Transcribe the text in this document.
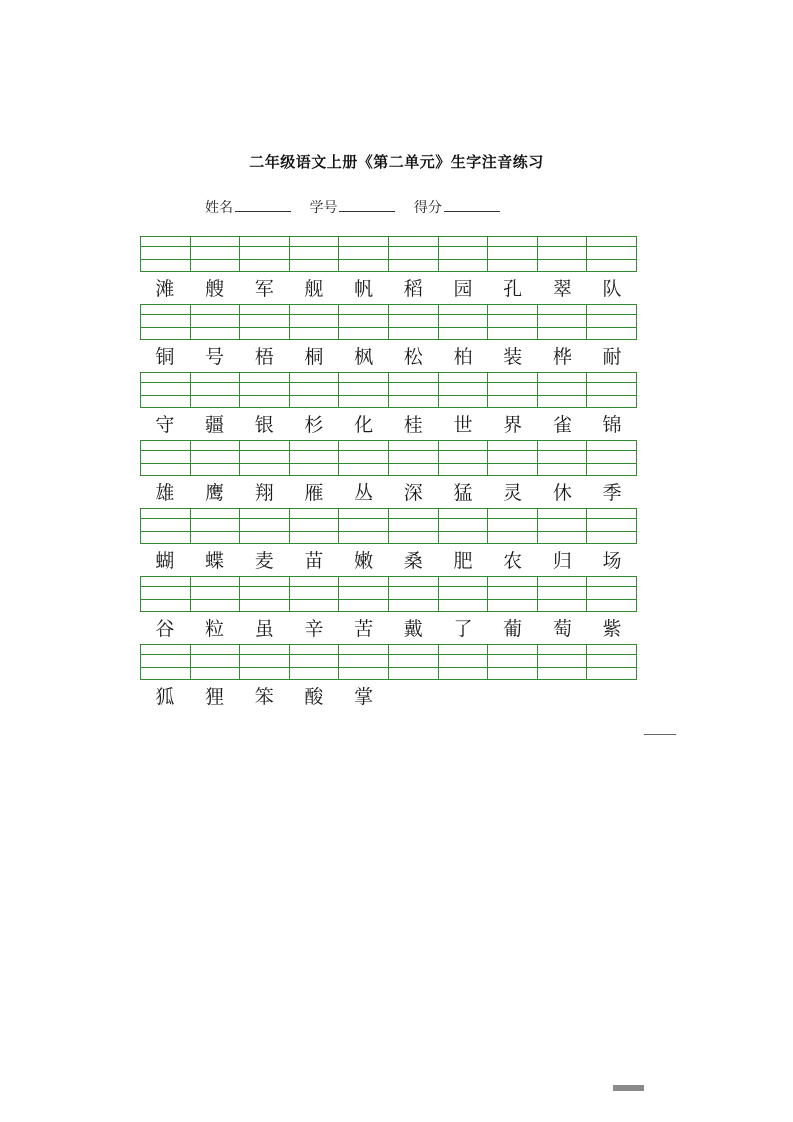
二年级语文上册《第二单元》生字注音练习
姓名	学号	得分
滩	艘	军	舰	帆	稻	园	孔	翠	队
铜	号	梧	桐	枫	松	柏	装	桦	耐
守	疆	银	杉	化	桂	世	界	雀	锦
雄	鹰	翔	雁	丛	深	猛	灵	休	季
蝴	蝶	麦	苗	嫩	桑	肥	农	归	场
谷	粒	虽	辛	苦	戴	了	葡	萄	紫
狐	狸	笨	酸	掌
